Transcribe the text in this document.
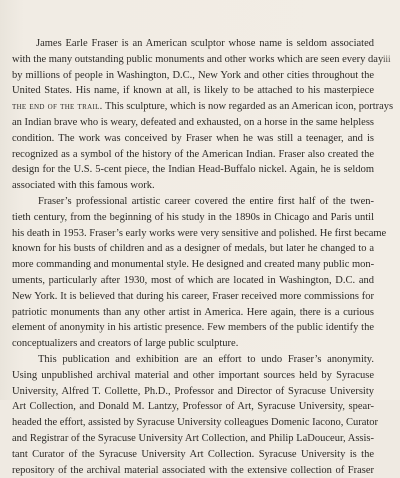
iii
James Earle Fraser is an American sculptor whose name is seldom associated
with the many outstanding public monuments and other works which are seen every day
by millions of people in Washington, D.C., New York and other cities throughout the
United States. His name, if known at all, is likely to be attached to his masterpiece
the end of the trail. This sculpture, which is now regarded as an American icon, portrays
an Indian brave who is weary, defeated and exhausted, on a horse in the same helpless
condition. The work was conceived by Fraser when he was still a teenager, and is
recognized as a symbol of the history of the American Indian. Fraser also created the
design for the U.S. 5-cent piece, the Indian Head-Buffalo nickel. Again, he is seldom
associated with this famous work.
Fraser’s professional artistic career covered the entire first half of the twen-
tieth century, from the beginning of his study in the 1890s in Chicago and Paris until
his death in 1953. Fraser’s early works were very sensitive and polished. He first became
known for his busts of children and as a designer of medals, but later he changed to a
more commanding and monumental style. He designed and created many public mon-
uments, particularly after 1930, most of which are located in Washington, D.C. and
New York. It is believed that during his career, Fraser received more commissions for
patriotic monuments than any other artist in America. Here again, there is a curious
element of anonymity in his artistic presence. Few members of the public identify the
conceptualizers and creators of large public sculpture.
This publication and exhibition are an effort to undo Fraser’s anonymity.
Using unpublished archival material and other important sources held by Syracuse
University, Alfred T. Collette, Ph.D., Professor and Director of Syracuse University
Art Collection, and Donald M. Lantzy, Professor of Art, Syracuse University, spear-
headed the effort, assisted by Syracuse University colleagues Domenic Iacono, Curator
and Registrar of the Syracuse University Art Collection, and Philip LaDouceur, Assis-
tant Curator of the Syracuse University Art Collection. Syracuse University is the
repository of the archival material associated with the extensive collection of Fraser
